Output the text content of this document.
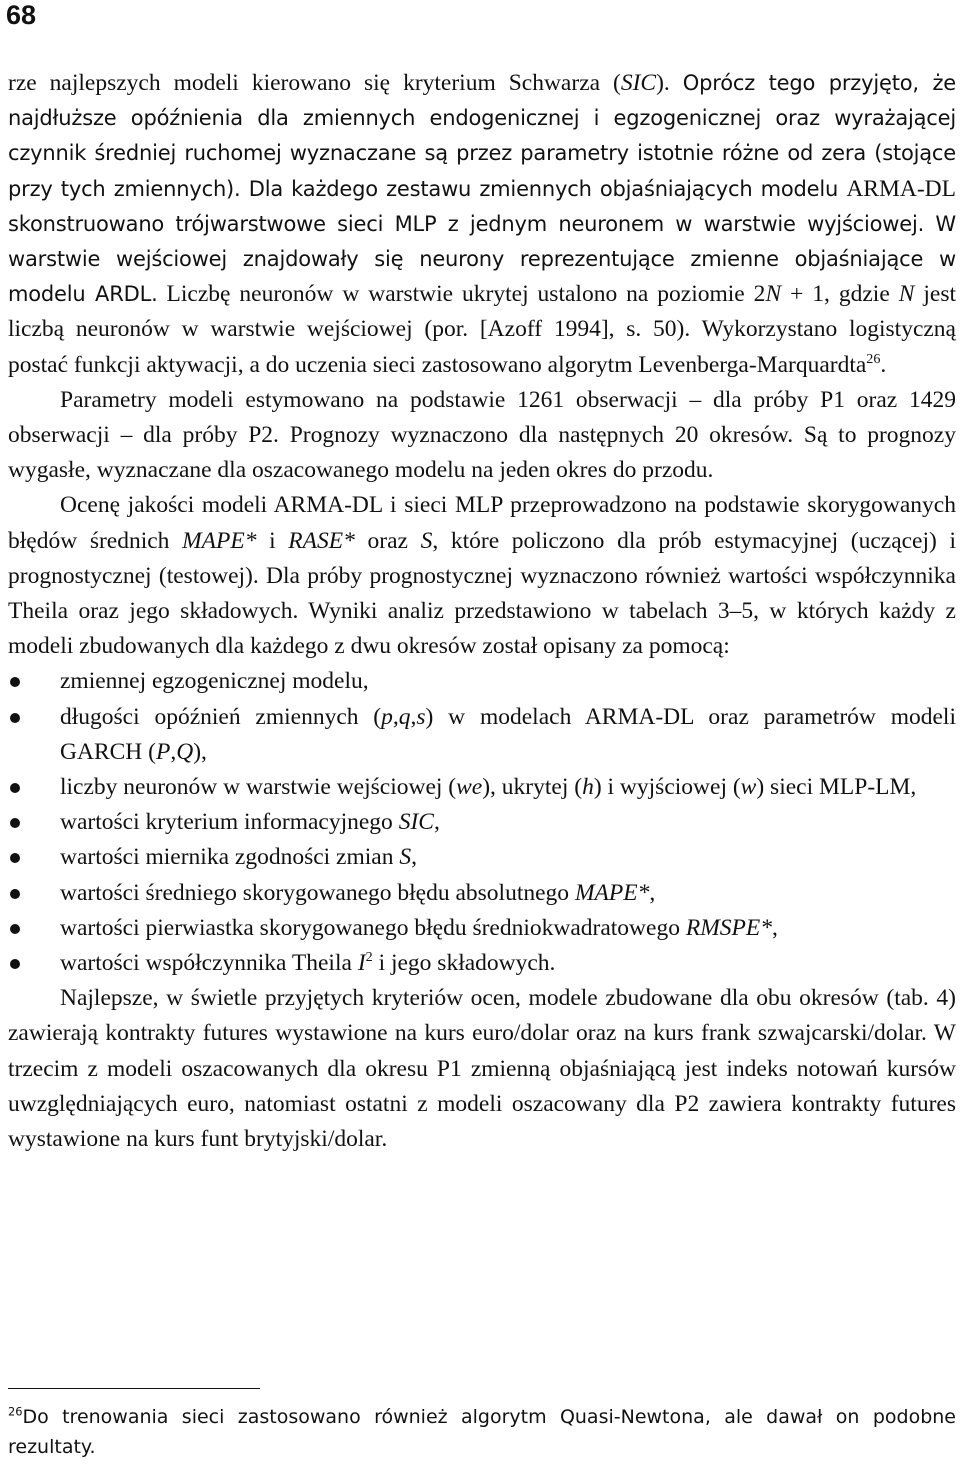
68

rze najlepszych modeli kierowano się kryterium Schwarza (SIC). Oprócz tego przyjęto, że najdłuższe opóźnienia dla zmiennych endogenicznej i egzogenicznej oraz wyrażającej czynnik średniej ruchomej wyznaczane są przez parametry istotnie różne od zera (stojące przy tych zmiennych). Dla każdego zestawu zmiennych objaśniających modelu ARMA-DL skonstruowano trójwarstwowe sieci MLP z jednym neuronem w warstwie wyjściowej. W warstwie wejściowej znajdowały się neurony reprezentujące zmienne objaśniające w modelu ARDL. Liczbę neuronów w warstwie ukrytej ustalono na poziomie 2N + 1, gdzie N jest liczbą neuronów w warstwie wejściowej (por. [Azoff 1994], s. 50). Wykorzystano logistyczną postać funkcji aktywacji, a do uczenia sieci zastosowano algorytm Levenberga-Marquardta$^{26}$.

Parametry modeli estymowano na podstawie 1261 obserwacji – dla próby P1 oraz 1429 obserwacji – dla próby P2. Prognozy wyznaczono dla następnych 20 okresów. Są to prognozy wygasłe, wyznaczane dla oszacowanego modelu na jeden okres do przodu.

Ocenę jakości modeli ARMA-DL i sieci MLP przeprowadzono na podstawie skorygowanych błędów średnich MAPE* i RASE* oraz S, które policzono dla prób estymacyjnej (uczącej) i prognostycznej (testowej). Dla próby prognostycznej wyznaczono również wartości współczynnika Theila oraz jego składowych. Wyniki analiz przedstawiono w tabelach 3–5, w których każdy z modeli zbudowanych dla każdego z dwu okresów został opisany za pomocą:

zmiennej egzogenicznej modelu,
długości opóźnień zmiennych (p,q,s) w modelach ARMA-DL oraz parametrów modeli GARCH (P,Q),
liczby neuronów w warstwie wejściowej (we), ukrytej (h) i wyjściowej (w) sieci MLP-LM,
wartości kryterium informacyjnego SIC,
wartości miernika zgodności zmian S,
wartości średniego skorygowanego błędu absolutnego MAPE*,
wartości pierwiastka skorygowanego błędu średniokwadratowego RMSPE*,
wartości współczynnika Theila $I^2$ i jego składowych.

Najlepsze, w świetle przyjętych kryteriów ocen, modele zbudowane dla obu okresów (tab. 4) zawierają kontrakty futures wystawione na kurs euro/dolar oraz na kurs frank szwajcarski/dolar. W trzecim z modeli oszacowanych dla okresu P1 zmienną objaśniającą jest indeks notowań kursów uwzględniających euro, natomiast ostatni z modeli oszacowany dla P2 zawiera kontrakty futures wystawione na kurs funt brytyjski/dolar.

$^{26}$Do trenowania sieci zastosowano również algorytm Quasi-Newtona, ale dawał on podobne rezultaty.
